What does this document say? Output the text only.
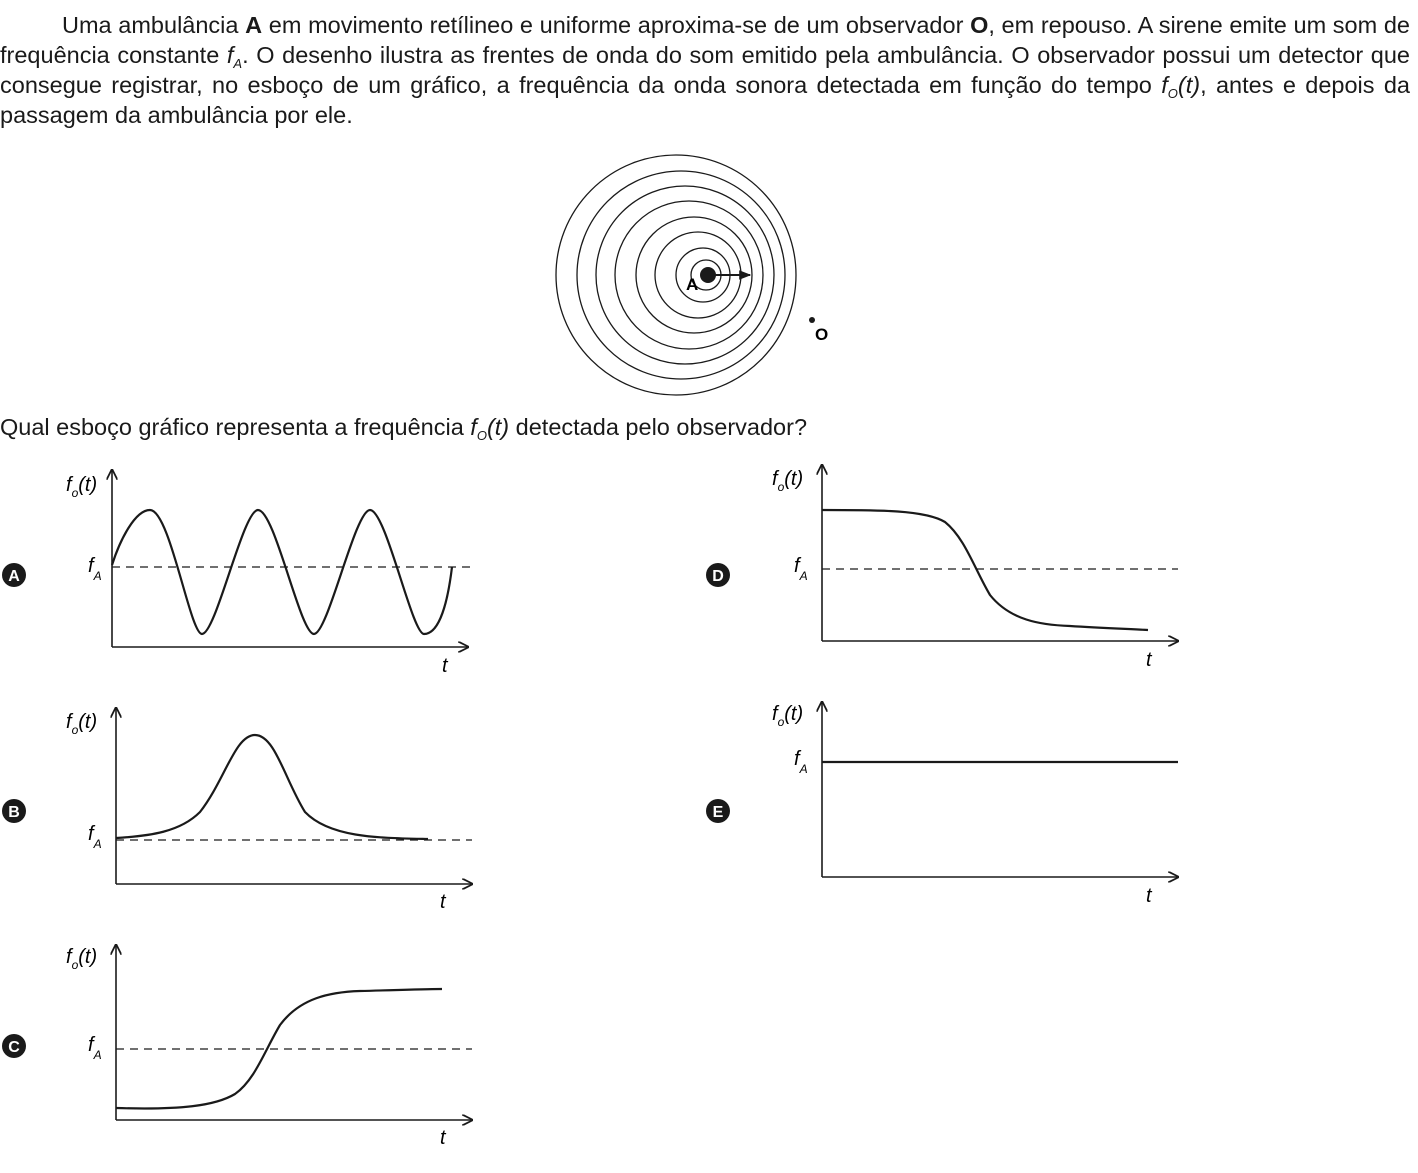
Uma ambulância A em movimento retílineo e uniforme aproxima-se de um observador O, em repouso. A sirene emite um som de frequência constante $f_A$. O desenho ilustra as frentes de onda do som emitido pela ambulância. O observador possui um detector que consegue registrar, no esboço de um gráfico, a frequência da onda sonora detectada em função do tempo $f_O(t)$, antes e depois da passagem da ambulância por ele.

Qual esboço gráfico representa a frequência $f_O(t)$ detectada pelo observador?

A
O
A
$f_o(t)$
$f_A$
t
B
$f_o(t)$
$f_A$
t
C
$f_o(t)$
$f_A$
t
D
$f_o(t)$
$f_A$
t
E
$f_o(t)$
$f_A$
t
